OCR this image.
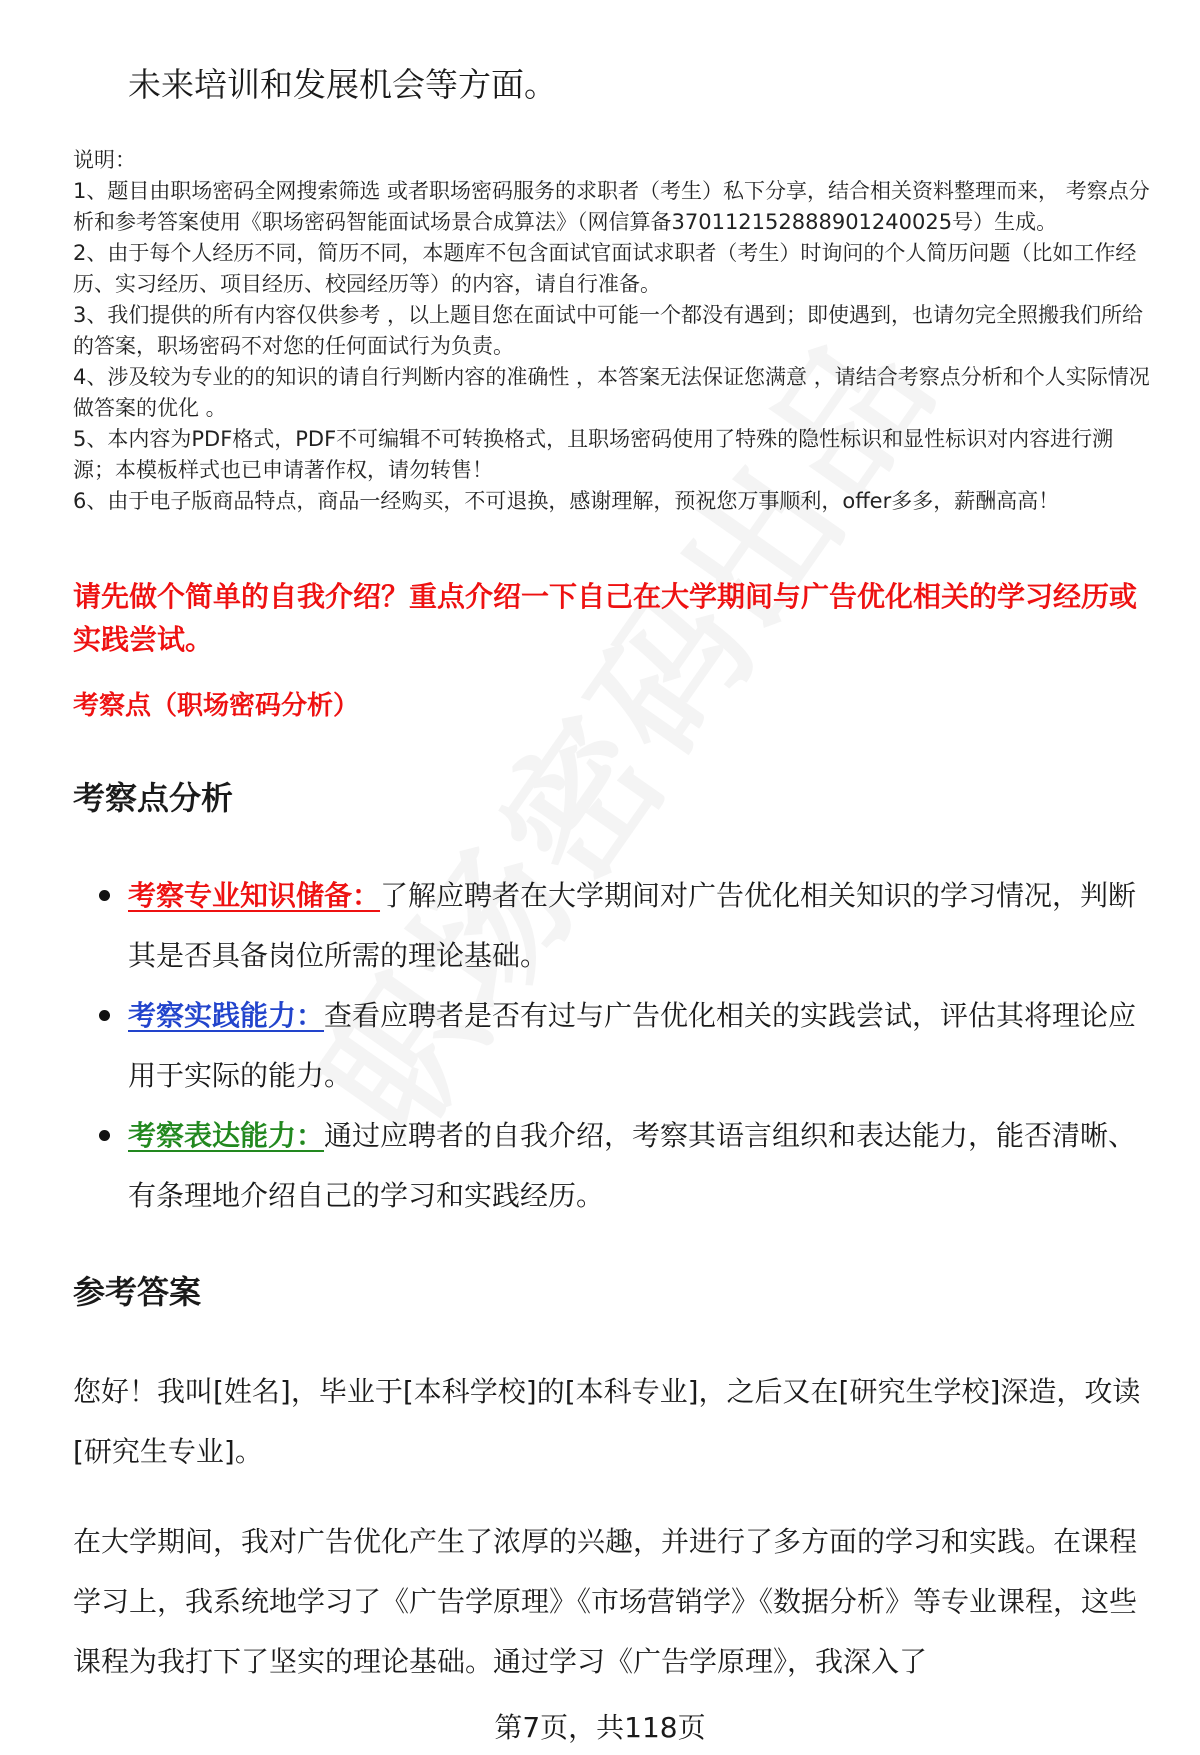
未来培训和发展机会等方面。

说明：

1、题目由职场密码全网搜索筛选 或者职场密码服务的求职者（考生）私下分享，结合相关资料整理而来， 考察点分析和参考答案使用《职场密码智能面试场景合成算法》（网信算备370112152888901240025号）生成。

2、由于每个人经历不同，简历不同，本题库不包含面试官面试求职者（考生）时询问的个人简历问题（比如工作经历、实习经历、项目经历、校园经历等）的内容，请自行准备。

3、我们提供的所有内容仅供参考 ，以上题目您在面试中可能一个都没有遇到；即使遇到，也请勿完全照搬我们所给的答案，职场密码不对您的任何面试行为负责。

4、涉及较为专业的的知识的请自行判断内容的准确性 ，本答案无法保证您满意 ，请结合考察点分析和个人实际情况做答案的优化 。

5、本内容为PDF格式，PDF不可编辑不可转换格式，且职场密码使用了特殊的隐性标识和显性标识对内容进行溯源；本模板样式也已申请著作权，请勿转售！

6、由于电子版商品特点，商品一经购买，不可退换，感谢理解，预祝您万事顺利，offer多多，薪酬高高！

请先做个简单的自我介绍？重点介绍一下自己在大学期间与广告优化相关的学习经历或实践尝试。
考察点（职场密码分析）
考察点分析
考察专业知识储备：了解应聘者在大学期间对广告优化相关知识的学习情况，判断其是否具备岗位所需的理论基础。
考察实践能力：查看应聘者是否有过与广告优化相关的实践尝试，评估其将理论应用于实际的能力。
考察表达能力：通过应聘者的自我介绍，考察其语言组织和表达能力，能否清晰、有条理地介绍自己的学习和实践经历。
参考答案

您好！我叫[姓名]，毕业于[本科学校]的[本科专业]，之后又在[研究生学校]深造，攻读[研究生专业]。

在大学期间，我对广告优化产生了浓厚的兴趣，并进行了多方面的学习和实践。在课程学习上，我系统地学习了《广告学原理》《市场营销学》《数据分析》等专业课程，这些课程为我打下了坚实的理论基础。通过学习《广告学原理》，我深入了

第7页，共118页
